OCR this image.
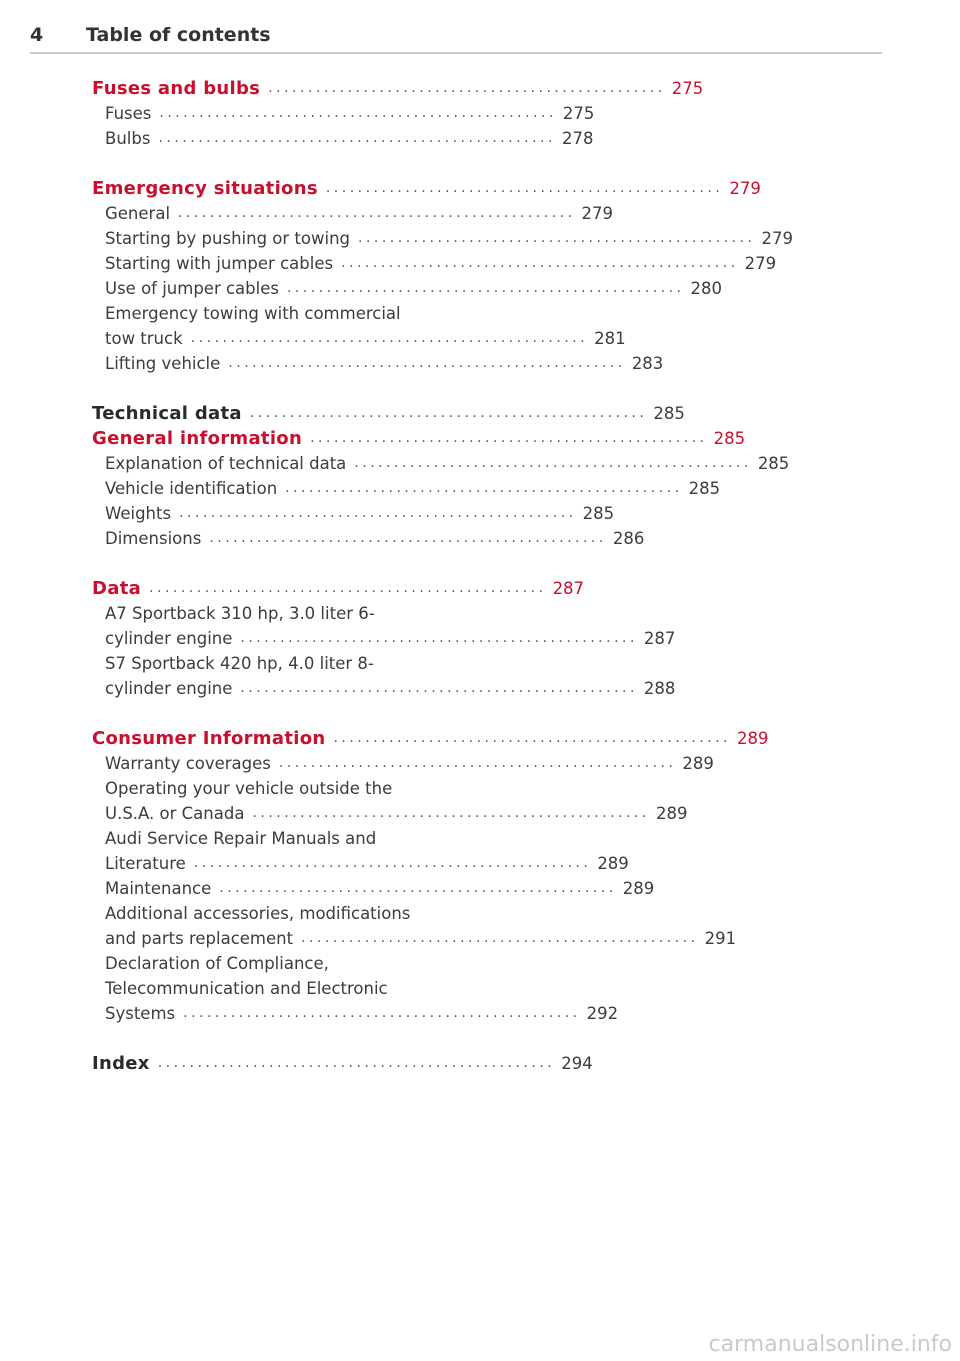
4 Table of contents
Fuses and bulbs .................................................. 275
Fuses .................................................. 275
Bulbs .................................................. 278
Emergency situations .................................................. 279
General .................................................. 279
Starting by pushing or towing .................................................. 279
Starting with jumper cables .................................................. 279
Use of jumper cables .................................................. 280
Emergency towing with commercial
tow truck .................................................. 281
Lifting vehicle .................................................. 283
Technical data .................................................. 285
General information .................................................. 285
Explanation of technical data .................................................. 285
Vehicle identification .................................................. 285
Weights .................................................. 285
Dimensions .................................................. 286
Data .................................................. 287
A7 Sportback 310 hp, 3.0 liter 6-
cylinder engine .................................................. 287
S7 Sportback 420 hp, 4.0 liter 8-
cylinder engine .................................................. 288
Consumer Information .................................................. 289
Warranty coverages .................................................. 289
Operating your vehicle outside the
U.S.A. or Canada .................................................. 289
Audi Service Repair Manuals and
Literature .................................................. 289
Maintenance .................................................. 289
Additional accessories, modifications
and parts replacement .................................................. 291
Declaration of Compliance,
Telecommunication and Electronic
Systems .................................................. 292
Index .................................................. 294
carmanualsonline.info
